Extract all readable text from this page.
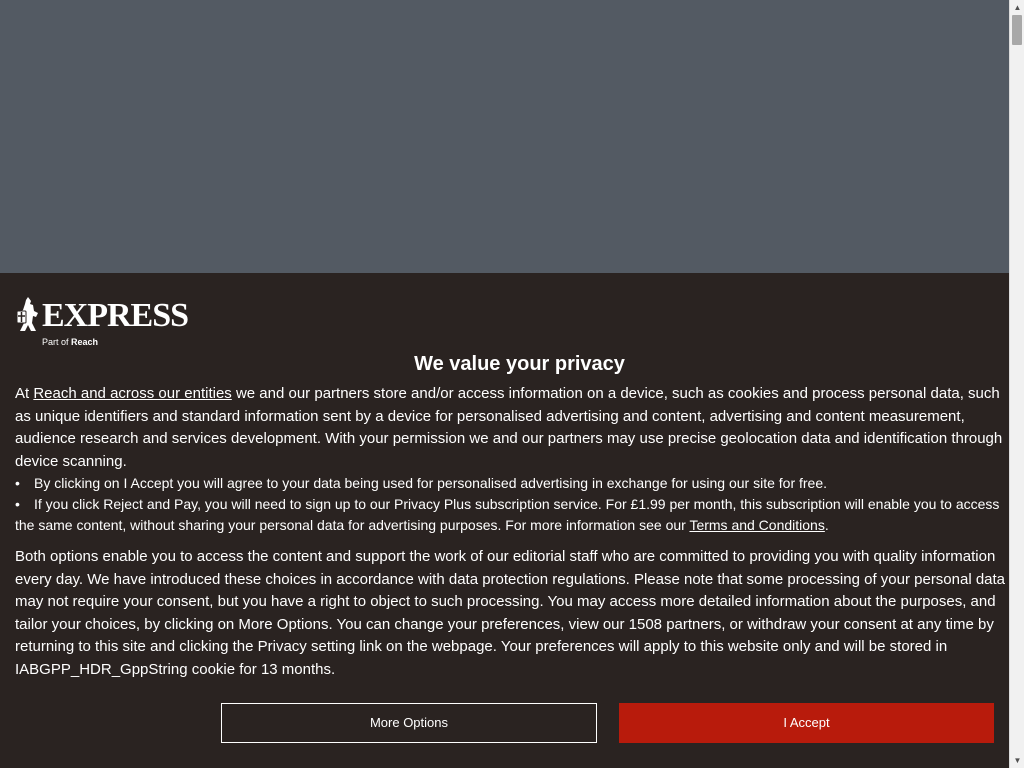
EXPRESS
Part of Reach
We value your privacy

At Reach and across our entities we and our partners store and/or access information on a device, such as cookies and process personal data, such as unique identifiers and standard information sent by a device for personalised advertising and content, advertising and content measurement, audience research and services development. With your permission we and our partners may use precise geolocation data and identification through device scanning.

• By clicking on I Accept you will agree to your data being used for personalised advertising in exchange for using our site for free.
• If you click Reject and Pay, you will need to sign up to our Privacy Plus subscription service. For £1.99 per month, this subscription will enable you to access the same content, without sharing your personal data for advertising purposes. For more information see our Terms and Conditions.

Both options enable you to access the content and support the work of our editorial staff who are committed to providing you with quality information every day. We have introduced these choices in accordance with data protection regulations. Please note that some processing of your personal data may not require your consent, but you have a right to object to such processing. You may access more detailed information about the purposes, and tailor your choices, by clicking on More Options. You can change your preferences, view our 1508 partners, or withdraw your consent at any time by returning to this site and clicking the Privacy setting link on the webpage. Your preferences will apply to this website only and will be stored in IABGPP_HDR_GppString cookie for 13 months.

More Options	I Accept
▲
▼
